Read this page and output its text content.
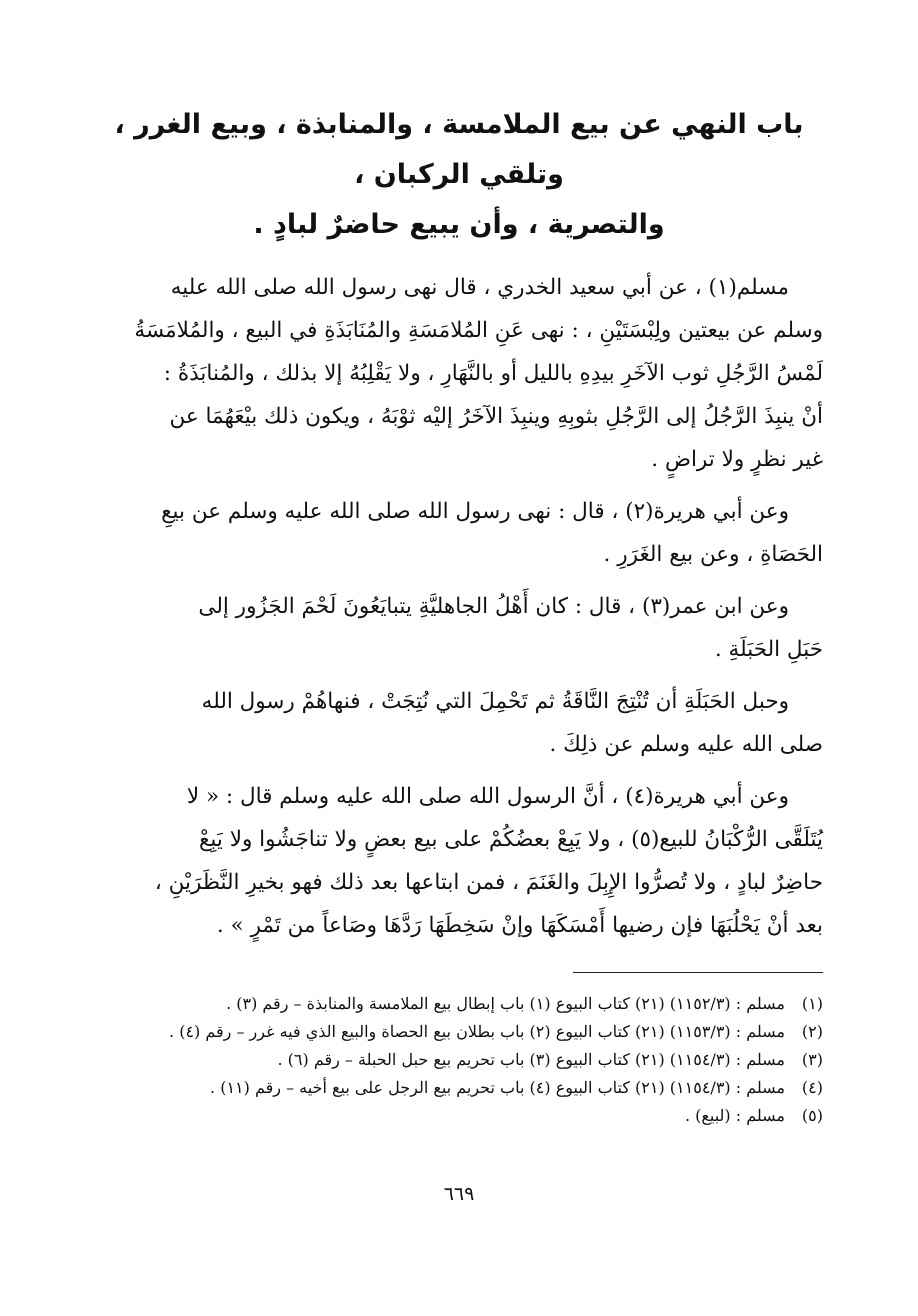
باب النهي عن بيع الملامسة ، والمنابذة ، وبيع الغرر ، وتلقي الركبان ،
والتصرية ، وأن يبيع حاضرٌ لبادٍ .
مسلم(١) ، عن أبي سعيد الخدري ، قال نهى رسول الله صلى الله عليه
وسلم عن بيعتين ولِبْسَتَيْنِ ، : نهى عَنِ المُلامَسَةِ والمُنَابَذَةِ في البيع ، والمُلامَسَةُ
لَمْسُ الرَّجُلِ ثوب الآخَرِ بيدِهِ بالليل أو بالنَّهَارِ ، ولا يَقْلِبُهُ إلا بذلك ، والمُنابَذَةُ :
أنْ ينبِذَ الرَّجُلُ إلى الرَّجُلِ بثوبِهِ وينبِذَ الآخَرُ إليْه ثوْبَهُ ، ويكون ذلك بيْعَهُمَا عن
غير نظرٍ ولا تراضٍ .
وعن أبي هريرة(٢) ، قال : نهى رسول الله صلى الله عليه وسلم عن بيعِ
الحَصَاةِ ، وعن بيع الغَرَرِ .
وعن ابن عمر(٣) ، قال : كان أَهْلُ الجاهليَّةِ يتبايَعُونَ لَحْمَ الجَزُور إلى
حَبَلِ الحَبَلَةِ .
وحبل الحَبَلَةِ أن تُنْتِجَ النَّاقَةُ ثم تَحْمِلَ التي نُتِجَتْ ، فنهاهُمْ رسول الله
صلى الله عليه وسلم عن ذلِكَ .
وعن أبي هريرة(٤) ، أنَّ الرسول الله صلى الله عليه وسلم قال : « لا
يُتَلَقَّى الرُّكْبَانُ للبيع(٥) ، ولا يَبِعْ بعضُكُمْ على بيع بعضٍ ولا تناجَشُوا ولا يَبِعْ
حاضِرٌ لبادٍ ، ولا تُصرُّوا الإِبِلَ والغَنَمَ ، فمن ابتاعها بعد ذلك فهو بخيرِ النَّظَرَيْنِ ،
بعد أنْ يَحْلُبَهَا فإن رضيها أَمْسَكَهَا وإنْ سَخِطَهَا رَدَّهَا وصَاعاً من تَمْرٍ » .
(١)
مسلم : (١١٥٢/٣) (٢١) كتاب البيوع (١) باب إبطال بيع الملامسة والمنابذة – رقم (٣) .
(٢)
مسلم : (١١٥٣/٣) (٢١) كتاب البيوع (٢) باب بطلان بيع الحصاة والبيع الذي فيه غرر – رقم (٤) .
(٣)
مسلم : (١١٥٤/٣) (٢١) كتاب البيوع (٣) باب تحريم بيع حبل الحبلة – رقم (٦) .
(٤)
مسلم : (١١٥٤/٣) (٢١) كتاب البيوع (٤) باب تحريم بيع الرجل على بيع أخيه – رقم (١١) .
(٥)
مسلم : (لبيع) .
٦٦٩
